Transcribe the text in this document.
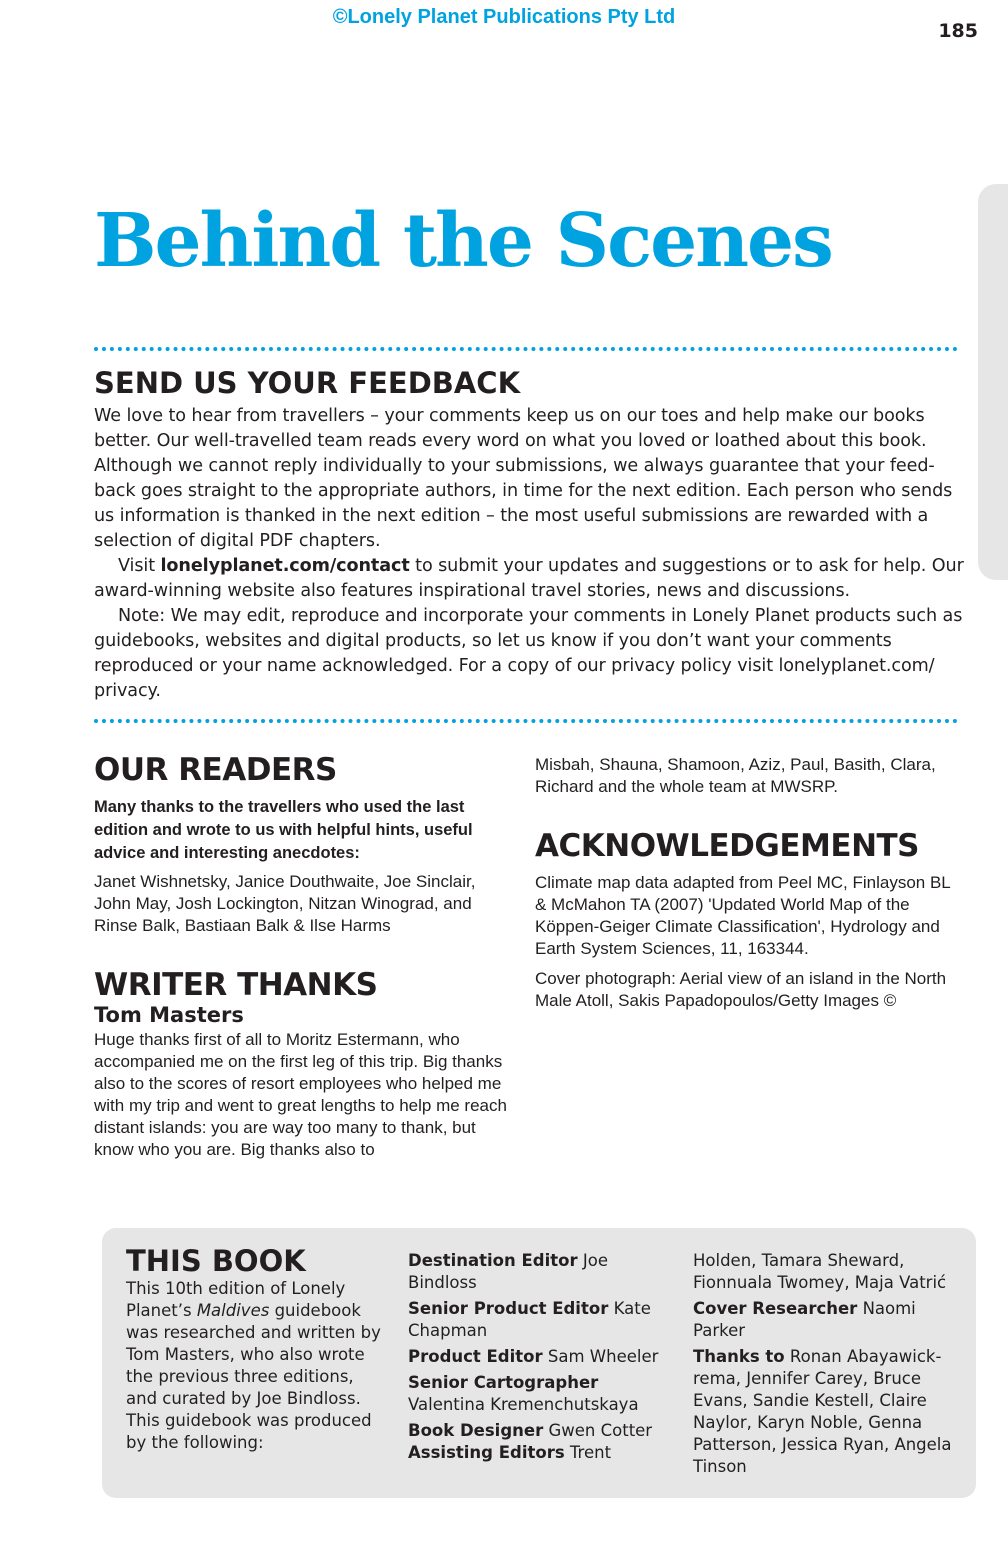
©Lonely Planet Publications Pty Ltd
185
Behind the Scenes
SEND US YOUR FEEDBACK

We love to hear from travellers – your comments keep us on our toes and help make our books better. Our well-travelled team reads every word on what you loved or loathed about this book. Although we cannot reply individually to your submissions, we always guarantee that your feed-back goes straight to the appropriate authors, in time for the next edition. Each person who sends us information is thanked in the next edition – the most useful submissions are rewarded with a selection of digital PDF chapters.

Visit lonelyplanet.com/contact to submit your updates and suggestions or to ask for help. Our award-winning website also features inspirational travel stories, news and discussions.

Note: We may edit, reproduce and incorporate your comments in Lonely Planet products such as guidebooks, websites and digital products, so let us know if you don’t want your comments reproduced or your name acknowledged. For a copy of our privacy policy visit lonelyplanet.com/ privacy.

OUR READERS

Many thanks to the travellers who used the last edition and wrote to us with helpful hints, useful advice and interesting anecdotes:

Janet Wishnetsky, Janice Douthwaite, Joe Sinclair, John May, Josh Lockington, Nitzan Winograd, and Rinse Balk, Bastiaan Balk & Ilse Harms

WRITER THANKS

Tom Masters

Huge thanks first of all to Moritz Estermann, who accompanied me on the first leg of this trip. Big thanks also to the scores of resort employees who helped me with my trip and went to great lengths to help me reach distant islands: you are way too many to thank, but know who you are. Big thanks also to

Misbah, Shauna, Shamoon, Aziz, Paul, Basith, Clara, Richard and the whole team at MWSRP.

ACKNOWLEDGEMENTS

Climate map data adapted from Peel MC, Finlayson BL & McMahon TA (2007) 'Updated World Map of the Köppen-Geiger Climate Classification', Hydrology and Earth System Sciences, 11, 163344.

Cover photograph: Aerial view of an island in the North Male Atoll, Sakis Papadopoulos/Getty Images ©

THIS BOOK

This 10th edition of Lonely Planet’s Maldives guidebook was researched and written by Tom Masters, who also wrote the previous three editions, and curated by Joe Bindloss. This guidebook was produced by the following:

Destination Editor Joe Bindloss

Senior Product Editor Kate Chapman

Product Editor Sam Wheeler

Senior Cartographer Valentina Kremenchutskaya

Book Designer Gwen Cotter

Assisting Editors Trent

Holden, Tamara Sheward, Fionnuala Twomey, Maja Vatrić

Cover Researcher Naomi Parker

Thanks to Ronan Abayawick-rema, Jennifer Carey, Bruce Evans, Sandie Kestell, Claire Naylor, Karyn Noble, Genna Patterson, Jessica Ryan, Angela Tinson
